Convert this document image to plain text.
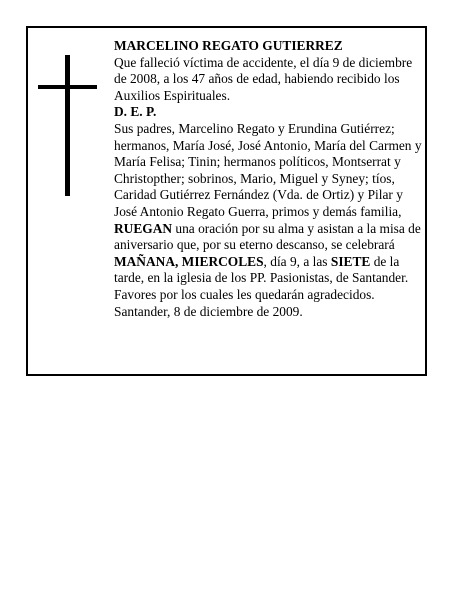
MARCELINO REGATO GUTIERREZ

Que falleció víctima de accidente, el día 9 de diciembre de 2008, a los 47 años de edad, habiendo recibido los Auxilios Espirituales.

D. E. P.

Sus padres, Marcelino Regato y Erundina Gutiérrez; hermanos, María José, José Antonio, María del Carmen y María Felisa; Tinin; hermanos políticos, Montserrat y Christopther; sobrinos, Mario, Miguel y Syney; tíos, Caridad Gutiérrez Fernández (Vda. de Ortiz) y Pilar y José Antonio Regato Guerra, primos y demás familia, RUEGAN una oración por su alma y asistan a la misa de aniversario que, por su eterno descanso, se celebrará MAÑANA, MIERCOLES, día 9, a las SIETE de la tarde, en la iglesia de los PP. Pasionistas, de Santander.

Favores por los cuales les quedarán agradecidos.

Santander, 8 de diciembre de 2009.
